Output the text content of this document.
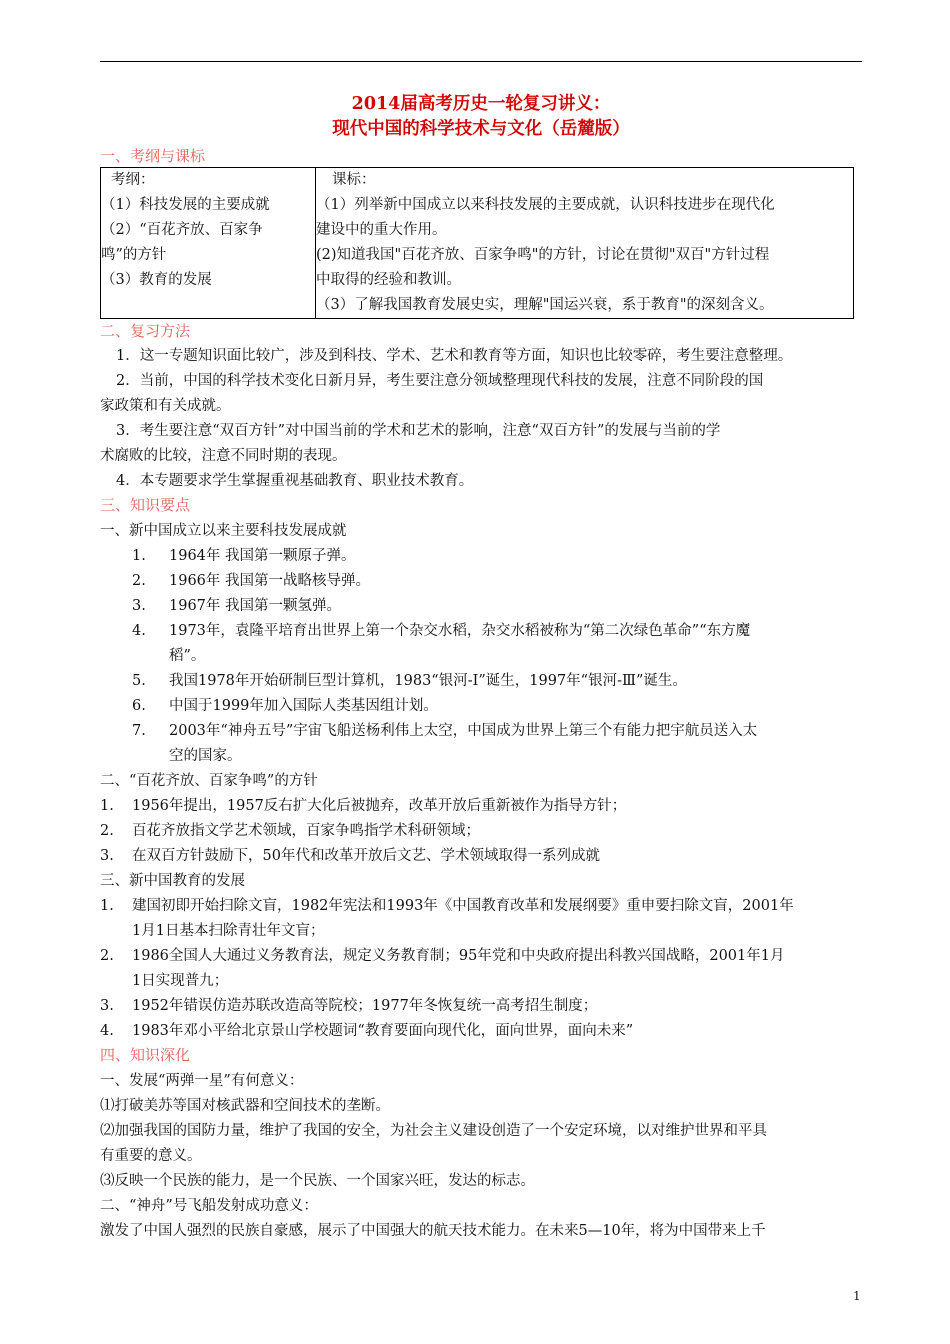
2014届高考历史一轮复习讲义：
现代中国的科学技术与文化（岳麓版）
一、考纲与课标
考纲：
（1）科技发展的主要成就
（2）“百花齐放、百家争
鸣”的方针
（3）教育的发展

课标：
（1）列举新中国成立以来科技发展的主要成就，认识科技进步在现代化
建设中的重大作用。
(2)知道我国"百花齐放、百家争鸣"的方针，讨论在贯彻"双百"方针过程
中取得的经验和教训。
（3）了解我国教育发展史实，理解"国运兴衰，系于教育"的深刻含义。
二、复习方法
1．这一专题知识面比较广，涉及到科技、学术、艺术和教育等方面，知识也比较零碎，考生要注意整理。
2．当前，中国的科学技术变化日新月异，考生要注意分领域整理现代科技的发展，注意不同阶段的国
家政策和有关成就。
3．考生要注意“双百方针”对中国当前的学术和艺术的影响，注意“双百方针”的发展与当前的学
术腐败的比较，注意不同时期的表现。
4．本专题要求学生掌握重视基础教育、职业技术教育。
三、知识要点
一、新中国成立以来主要科技发展成就
1. 1964年 我国第一颗原子弹。
2. 1966年 我国第一战略核导弹。
3. 1967年 我国第一颗氢弹。
4. 1973年，袁隆平培育出世界上第一个杂交水稻，杂交水稻被称为“第二次绿色革命”“东方魔
稻”。
5. 我国1978年开始研制巨型计算机，1983“银河-Ⅰ”诞生，1997年“银河-Ⅲ”诞生。
6. 中国于1999年加入国际人类基因组计划。
7. 2003年“神舟五号”宇宙飞船送杨利伟上太空，中国成为世界上第三个有能力把宇航员送入太
空的国家。
二、“百花齐放、百家争鸣”的方针
1. 1956年提出，1957反右扩大化后被抛弃，改革开放后重新被作为指导方针；
2. 百花齐放指文学艺术领域，百家争鸣指学术科研领域；
3. 在双百方针鼓励下，50年代和改革开放后文艺、学术领域取得一系列成就
三、新中国教育的发展
1. 建国初即开始扫除文盲，1982年宪法和1993年《中国教育改革和发展纲要》重申要扫除文盲，2001年
1月1日基本扫除青壮年文盲；
2. 1986全国人大通过义务教育法，规定义务教育制；95年党和中央政府提出科教兴国战略，2001年1月
1日实现普九；
3. 1952年错误仿造苏联改造高等院校；1977年冬恢复统一高考招生制度；
4. 1983年邓小平给北京景山学校题词“教育要面向现代化，面向世界，面向未来”
四、知识深化
一、发展“两弹一星”有何意义：
⑴打破美苏等国对核武器和空间技术的垄断。
⑵加强我国的国防力量，维护了我国的安全，为社会主义建设创造了一个安定环境，以对维护世界和平具
有重要的意义。
⑶反映一个民族的能力，是一个民族、一个国家兴旺，发达的标志。
二、“神舟”号飞船发射成功意义：
激发了中国人强烈的民族自豪感，展示了中国强大的航天技术能力。在未来5—10年，将为中国带来上千
1
